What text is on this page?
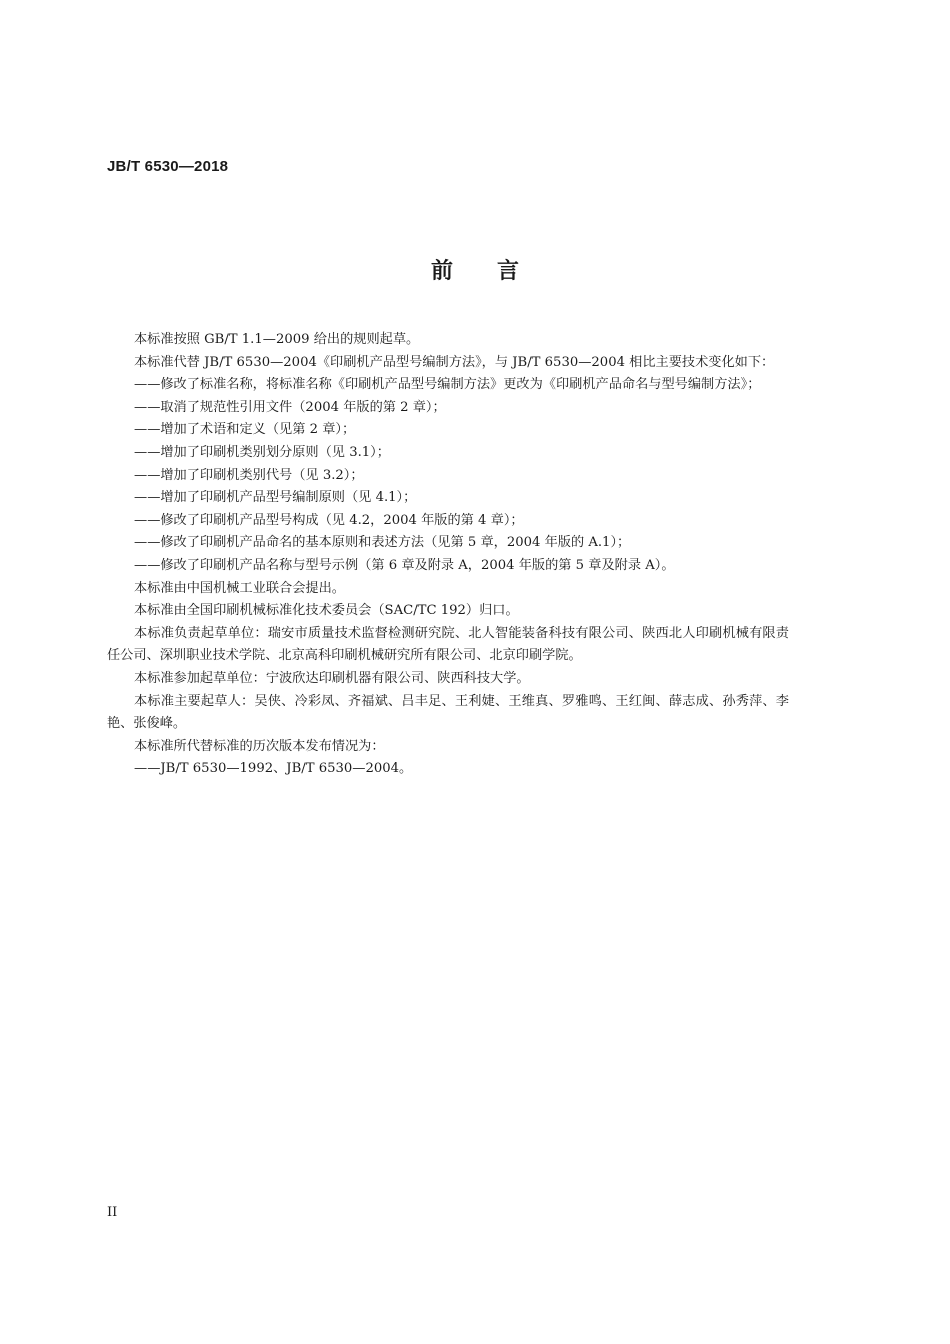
JB/T 6530—2018
前 言

本标准按照 GB/T 1.1—2009 给出的规则起草。

本标准代替 JB/T 6530—2004《印刷机产品型号编制方法》，与 JB/T 6530—2004 相比主要技术变化如下：

——修改了标准名称，将标准名称《印刷机产品型号编制方法》更改为《印刷机产品命名与型号编制方法》；

——取消了规范性引用文件（2004 年版的第 2 章）；

——增加了术语和定义（见第 2 章）；

——增加了印刷机类别划分原则（见 3.1）；

——增加了印刷机类别代号（见 3.2）；

——增加了印刷机产品型号编制原则（见 4.1）；

——修改了印刷机产品型号构成（见 4.2，2004 年版的第 4 章）；

——修改了印刷机产品命名的基本原则和表述方法（见第 5 章，2004 年版的 A.1）；

——修改了印刷机产品名称与型号示例（第 6 章及附录 A，2004 年版的第 5 章及附录 A）。

本标准由中国机械工业联合会提出。

本标准由全国印刷机械标准化技术委员会（SAC/TC 192）归口。

本标准负责起草单位：瑞安市质量技术监督检测研究院、北人智能装备科技有限公司、陕西北人印刷机械有限责任公司、深圳职业技术学院、北京高科印刷机械研究所有限公司、北京印刷学院。

本标准参加起草单位：宁波欣达印刷机器有限公司、陕西科技大学。

本标准主要起草人：吴侠、冷彩凤、齐福斌、吕丰足、王利婕、王维真、罗雅鸣、王红闽、薛志成、孙秀萍、李艳、张俊峰。

本标准所代替标准的历次版本发布情况为：

——JB/T 6530—1992、JB/T 6530—2004。

II
